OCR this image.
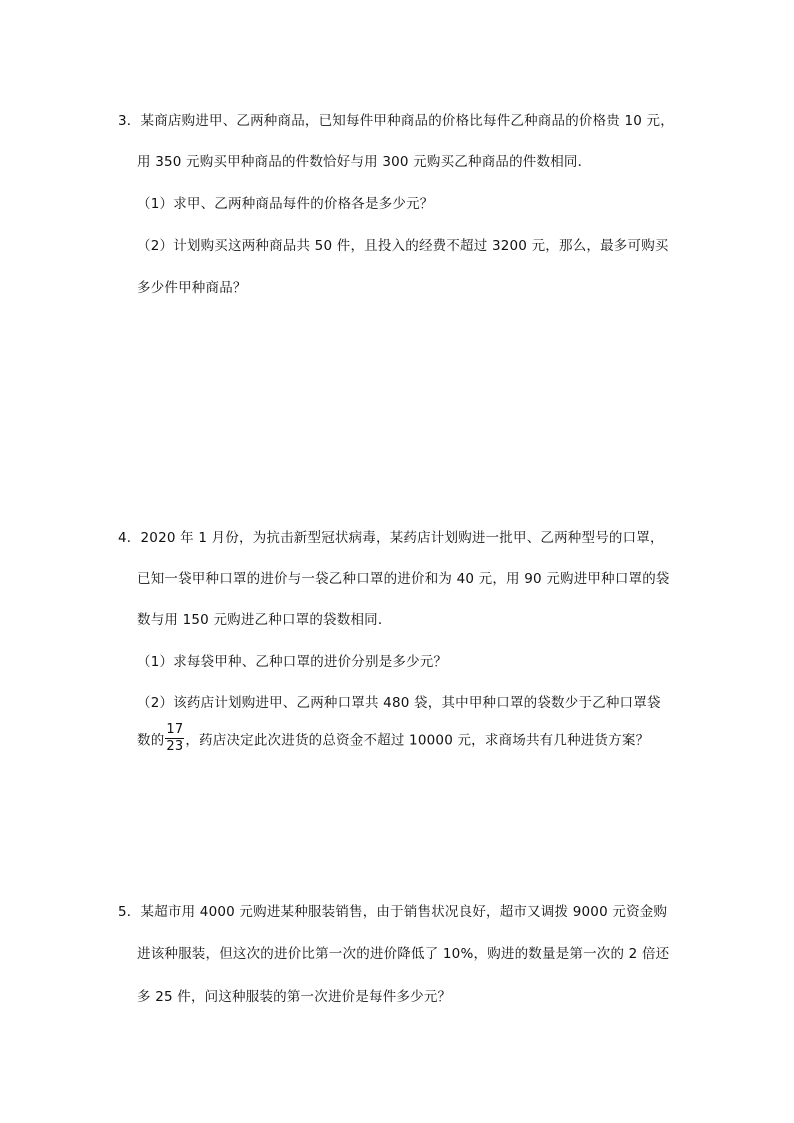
3．某商店购进甲、乙两种商品，已知每件甲种商品的价格比每件乙种商品的价格贵 10 元，
用 350 元购买甲种商品的件数恰好与用 300 元购买乙种商品的件数相同．
（1）求甲、乙两种商品每件的价格各是多少元？
（2）计划购买这两种商品共 50 件，且投入的经费不超过 3200 元，那么，最多可购买
多少件甲种商品？
4．2020 年 1 月份，为抗击新型冠状病毒，某药店计划购进一批甲、乙两种型号的口罩，
已知一袋甲种口罩的进价与一袋乙种口罩的进价和为 40 元，用 90 元购进甲种口罩的袋
数与用 150 元购进乙种口罩的袋数相同．
（1）求每袋甲种、乙种口罩的进价分别是多少元？
（2）该药店计划购进甲、乙两种口罩共 480 袋，其中甲种口罩的袋数少于乙种口罩袋
数的 $\frac{17}{23}$ ，药店决定此次进货的总资金不超过 10000 元，求商场共有几种进货方案？
5．某超市用 4000 元购进某种服装销售，由于销售状况良好，超市又调拨 9000 元资金购
进该种服装，但这次的进价比第一次的进价降低了 10%，购进的数量是第一次的 2 倍还
多 25 件，问这种服装的第一次进价是每件多少元？
